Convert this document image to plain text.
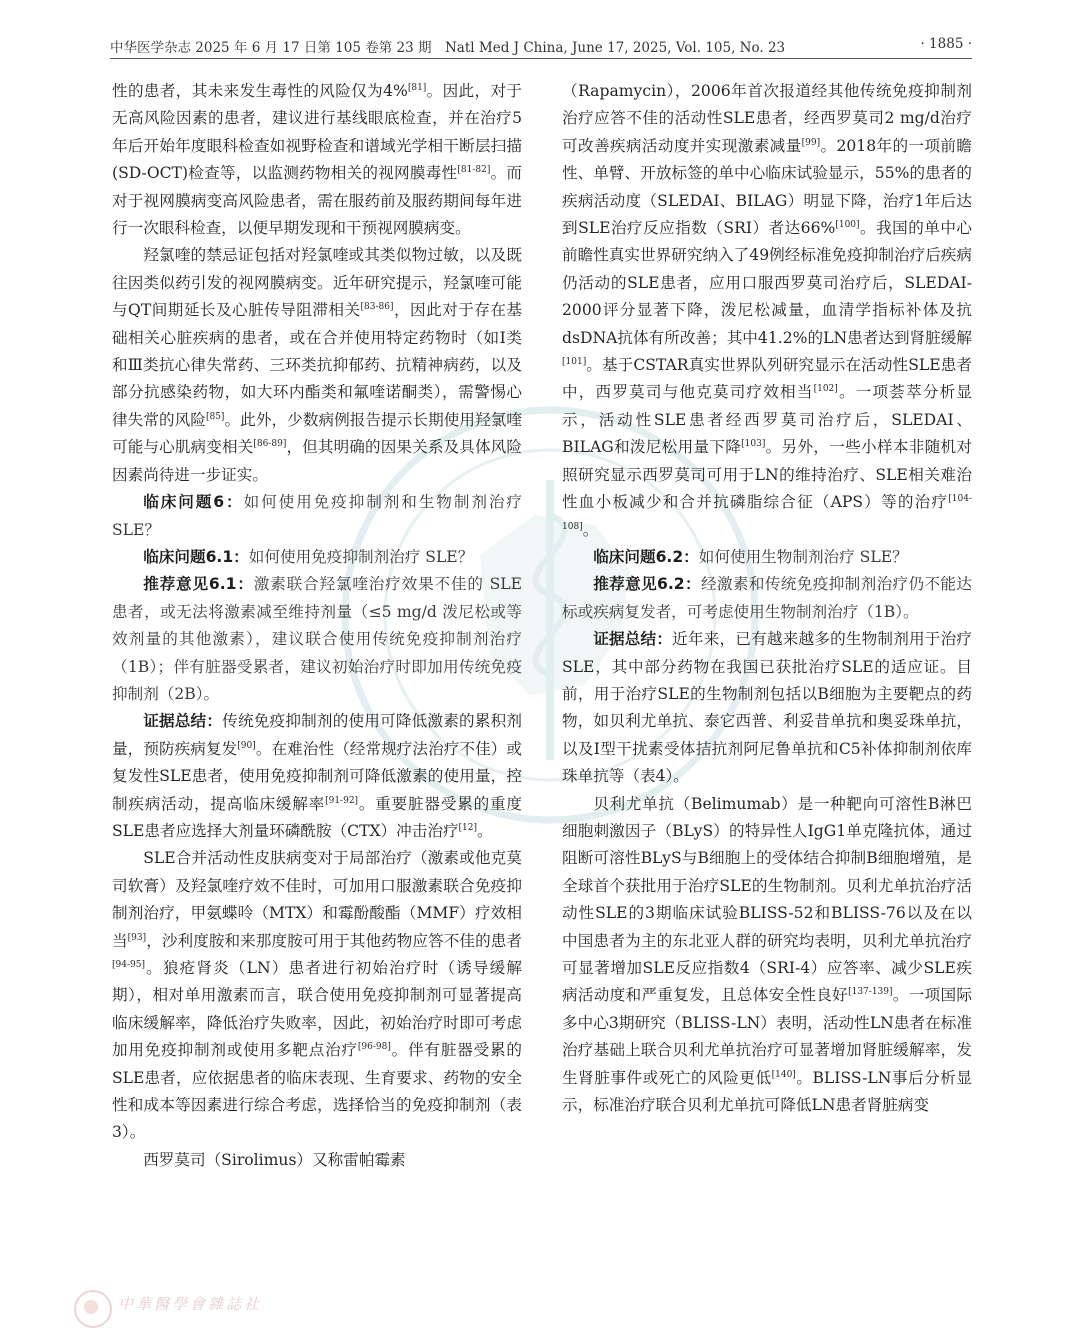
中华医学杂志 2025 年 6 月 17 日第 105 卷第 23 期　Natl Med J China, June 17, 2025, Vol. 105, No. 23	· 1885 ·

性的患者，其未来发生毒性的风险仅为4%[81]。因此，对于无高风险因素的患者，建议进行基线眼底检查，并在治疗5年后开始年度眼科检查如视野检查和谱域光学相干断层扫描(SD-OCT)检查等，以监测药物相关的视网膜毒性[81-82]。而对于视网膜病变高风险患者，需在服药前及服药期间每年进行一次眼科检查，以便早期发现和干预视网膜病变。

羟氯喹的禁忌证包括对羟氯喹或其类似物过敏，以及既往因类似药引发的视网膜病变。近年研究提示，羟氯喹可能与QT间期延长及心脏传导阻滞相关[83-86]，因此对于存在基础相关心脏疾病的患者，或在合并使用特定药物时（如Ⅰ类和Ⅲ类抗心律失常药、三环类抗抑郁药、抗精神病药，以及部分抗感染药物，如大环内酯类和氟喹诺酮类），需警惕心律失常的风险[85]。此外，少数病例报告提示长期使用羟氯喹可能与心肌病变相关[86-89]，但其明确的因果关系及具体风险因素尚待进一步证实。

临床问题6：如何使用免疫抑制剂和生物制剂治疗 SLE？

临床问题6.1：如何使用免疫抑制剂治疗 SLE？

推荐意见6.1：激素联合羟氯喹治疗效果不佳的 SLE 患者，或无法将激素减至维持剂量（≤5 mg/d 泼尼松或等效剂量的其他激素），建议联合使用传统免疫抑制剂治疗（1B）；伴有脏器受累者，建议初始治疗时即加用传统免疫抑制剂（2B）。

证据总结：传统免疫抑制剂的使用可降低激素的累积剂量，预防疾病复发[90]。在难治性（经常规疗法治疗不佳）或复发性SLE患者，使用免疫抑制剂可降低激素的使用量，控制疾病活动，提高临床缓解率[91-92]。重要脏器受累的重度SLE患者应选择大剂量环磷酰胺（CTX）冲击治疗[12]。

SLE合并活动性皮肤病变对于局部治疗（激素或他克莫司软膏）及羟氯喹疗效不佳时，可加用口服激素联合免疫抑制剂治疗，甲氨蝶呤（MTX）和霉酚酸酯（MMF）疗效相当[93]，沙利度胺和来那度胺可用于其他药物应答不佳的患者[94-95]。狼疮肾炎（LN）患者进行初始治疗时（诱导缓解期），相对单用激素而言，联合使用免疫抑制剂可显著提高临床缓解率，降低治疗失败率，因此，初始治疗时即可考虑加用免疫抑制剂或使用多靶点治疗[96-98]。伴有脏器受累的SLE患者，应依据患者的临床表现、生育要求、药物的安全性和成本等因素进行综合考虑，选择恰当的免疫抑制剂（表3）。

西罗莫司（Sirolimus）又称雷帕霉素

（Rapamycin），2006年首次报道经其他传统免疫抑制剂治疗应答不佳的活动性SLE患者，经西罗莫司2 mg/d治疗可改善疾病活动度并实现激素减量[99]。2018年的一项前瞻性、单臂、开放标签的单中心临床试验显示，55%的患者的疾病活动度（SLEDAI、BILAG）明显下降，治疗1年后达到SLE治疗反应指数（SRI）者达66%[100]。我国的单中心前瞻性真实世界研究纳入了49例经标准免疫抑制治疗后疾病仍活动的SLE患者，应用口服西罗莫司治疗后，SLEDAI-2000评分显著下降，泼尼松减量，血清学指标补体及抗dsDNA抗体有所改善；其中41.2%的LN患者达到肾脏缓解[101]。基于CSTAR真实世界队列研究显示在活动性SLE患者中，西罗莫司与他克莫司疗效相当[102]。一项荟萃分析显示，活动性SLE患者经西罗莫司治疗后，SLEDAI、BILAG和泼尼松用量下降[103]。另外，一些小样本非随机对照研究显示西罗莫司可用于LN的维持治疗、SLE相关难治性血小板减少和合并抗磷脂综合征（APS）等的治疗[104-108]。

临床问题6.2：如何使用生物制剂治疗 SLE？

推荐意见6.2：经激素和传统免疫抑制剂治疗仍不能达标或疾病复发者，可考虑使用生物制剂治疗（1B）。

证据总结：近年来，已有越来越多的生物制剂用于治疗SLE，其中部分药物在我国已获批治疗SLE的适应证。目前，用于治疗SLE的生物制剂包括以B细胞为主要靶点的药物，如贝利尤单抗、泰它西普、利妥昔单抗和奥妥珠单抗，以及Ⅰ型干扰素受体拮抗剂阿尼鲁单抗和C5补体抑制剂依库珠单抗等（表4）。

贝利尤单抗（Belimumab）是一种靶向可溶性B淋巴细胞刺激因子（BLyS）的特异性人IgG1单克隆抗体，通过阻断可溶性BLyS与B细胞上的受体结合抑制B细胞增殖，是全球首个获批用于治疗SLE的生物制剂。贝利尤单抗治疗活动性SLE的3期临床试验BLISS-52和BLISS-76以及在以中国患者为主的东北亚人群的研究均表明，贝利尤单抗治疗可显著增加SLE反应指数4（SRI-4）应答率、减少SLE疾病活动度和严重复发，且总体安全性良好[137-139]。一项国际多中心3期研究（BLISS-LN）表明，活动性LN患者在标准治疗基础上联合贝利尤单抗治疗可显著增加肾脏缓解率，发生肾脏事件或死亡的风险更低[140]。BLISS-LN事后分析显示，标准治疗联合贝利尤单抗可降低LN患者肾脏病变

中華醫學會雜誌社
